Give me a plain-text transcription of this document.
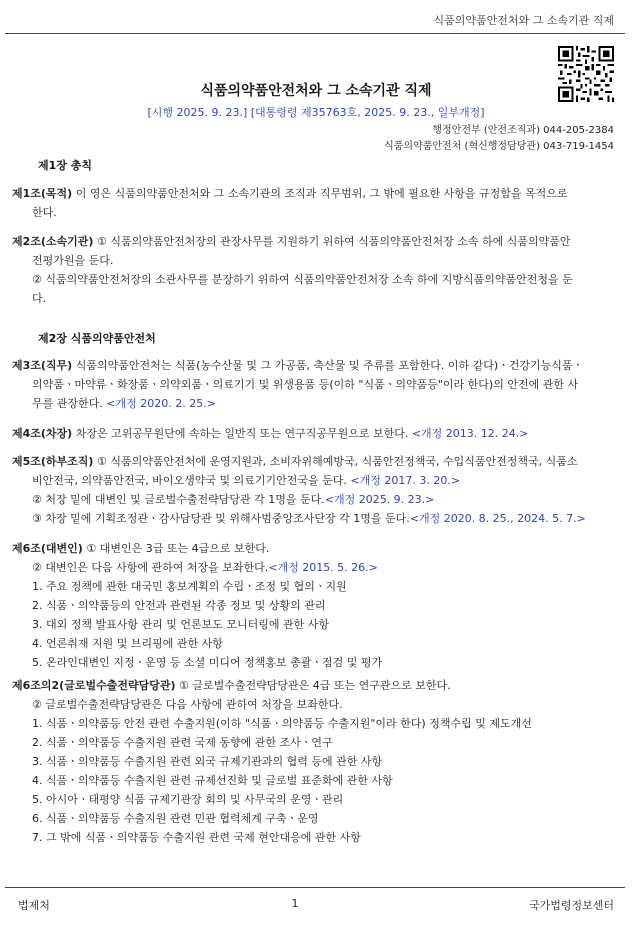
식품의약품안전처와 그 소속기관 직제
식품의약품안전처와 그 소속기관 직제
[시행 2025. 9. 23.] [대통령령 제35763호, 2025. 9. 23., 일부개정]
행정안전부 (안전조직과) 044-205-2384
식품의약품안전처 (혁신행정담당관) 043-719-1454
제1장 총칙
제1조(목적) 이 영은 식품의약품안전처와 그 소속기관의 조직과 직무범위, 그 밖에 필요한 사항을 규정함을 목적으로
한다.
제2조(소속기관) ① 식품의약품안전처장의 관장사무를 지원하기 위하여 식품의약품안전처장 소속 하에 식품의약품안
전평가원을 둔다.
② 식품의약품안전처장의 소관사무를 분장하기 위하여 식품의약품안전처장 소속 하에 지방식품의약품안전청을 둔
다.
제2장 식품의약품안전처
제3조(직무) 식품의약품안전처는 식품(농수산물 및 그 가공품, 축산물 및 주류를 포함한다. 이하 같다)ㆍ건강기능식품ㆍ
의약품ㆍ마약류ㆍ화장품ㆍ의약외품ㆍ의료기기 및 위생용품 등(이하 "식품ㆍ의약품등"이라 한다)의 안전에 관한 사
무를 관장한다. <개정 2020. 2. 25.>
제4조(차장) 차장은 고위공무원단에 속하는 일반직 또는 연구직공무원으로 보한다. <개정 2013. 12. 24.>
제5조(하부조직) ① 식품의약품안전처에 운영지원과, 소비자위해예방국, 식품안전정책국, 수입식품안전정책국, 식품소
비안전국, 의약품안전국, 바이오생약국 및 의료기기안전국을 둔다. <개정 2017. 3. 20.>
② 처장 밑에 대변인 및 글로벌수출전략담당관 각 1명을 둔다.<개정 2025. 9. 23.>
③ 차장 밑에 기획조정관ㆍ감사담당관 및 위해사범중앙조사단장 각 1명을 둔다.<개정 2020. 8. 25., 2024. 5. 7.>
제6조(대변인) ① 대변인은 3급 또는 4급으로 보한다.
② 대변인은 다음 사항에 관하여 처장을 보좌한다.<개정 2015. 5. 26.>
1. 주요 정책에 관한 대국민 홍보계획의 수립ㆍ조정 및 협의ㆍ지원
2. 식품ㆍ의약품등의 안전과 관련된 각종 정보 및 상황의 관리
3. 대외 정책 발표사항 관리 및 언론보도 모니터링에 관한 사항
4. 언론취재 지원 및 브리핑에 관한 사항
5. 온라인대변인 지정ㆍ운영 등 소셜 미디어 정책홍보 총괄ㆍ점검 및 평가
제6조의2(글로벌수출전략담당관) ① 글로벌수출전략담당관은 4급 또는 연구관으로 보한다.
② 글로벌수출전략담당관은 다음 사항에 관하여 처장을 보좌한다.
1. 식품ㆍ의약품등 안전 관련 수출지원(이하 "식품ㆍ의약품등 수출지원"이라 한다) 정책수립 및 제도개선
2. 식품ㆍ의약품등 수출지원 관련 국제 동향에 관한 조사ㆍ연구
3. 식품ㆍ의약품등 수출지원 관련 외국 규제기관과의 협력 등에 관한 사항
4. 식품ㆍ의약품등 수출지원 관련 규제선진화 및 글로벌 표준화에 관한 사항
5. 아시아ㆍ태평양 식품 규제기관장 회의 및 사무국의 운영ㆍ관리
6. 식품ㆍ의약품등 수출지원 관련 민관 협력체계 구축ㆍ운영
7. 그 밖에 식품ㆍ의약품등 수출지원 관련 국제 현안대응에 관한 사항
법제처	1	국가법령정보센터
